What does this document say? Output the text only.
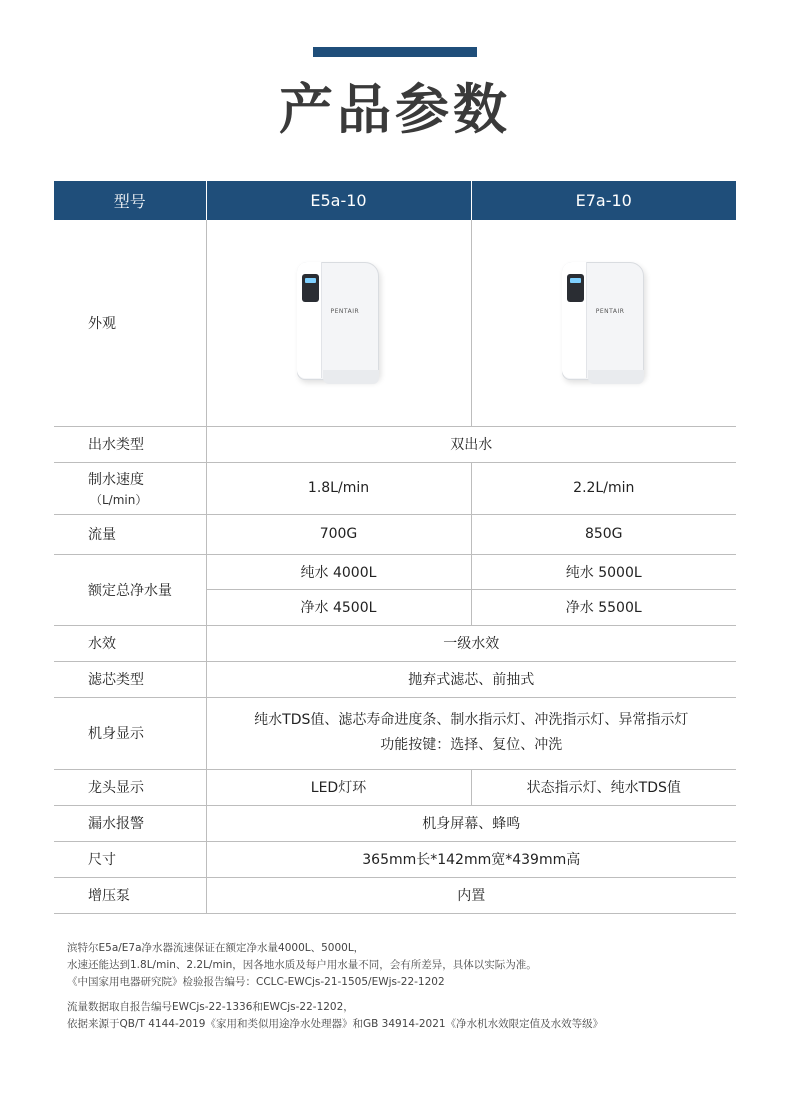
产品参数
型号	E5a-10	E7a-10
外观	PENTAIR	PENTAIR

出水类型	双出水	
制水速度
（L/min）	1.8L/min	2.2L/min
流量	700G	850G
额定总净水量	纯水 4000L	纯水 5000L
	净水 4500L	净水 5500L
水效	一级水效	
滤芯类型	抛弃式滤芯、前抽式	
机身显示	纯水TDS值、滤芯寿命进度条、制水指示灯、冲洗指示灯、异常指示灯
功能按键：选择、复位、冲洗	

龙头显示	LED灯环	状态指示灯、纯水TDS值
漏水报警	机身屏幕、蜂鸣	
尺寸	365mm长*142mm宽*439mm高	
增压泵	内置	

滨特尔E5a/E7a净水器流速保证在额定净水量4000L、5000L，

水速还能达到1.8L/min、2.2L/min，因各地水质及每户用水量不同，会有所差异，具体以实际为准。

《中国家用电器研究院》检验报告编号：CCLC-EWCjs-21-1505/EWjs-22-1202

流量数据取自报告编号EWCjs-22-1336和EWCjs-22-1202，

依据来源于QB/T 4144-2019《家用和类似用途净水处理器》和GB 34914-2021《净水机水效限定值及水效等级》
